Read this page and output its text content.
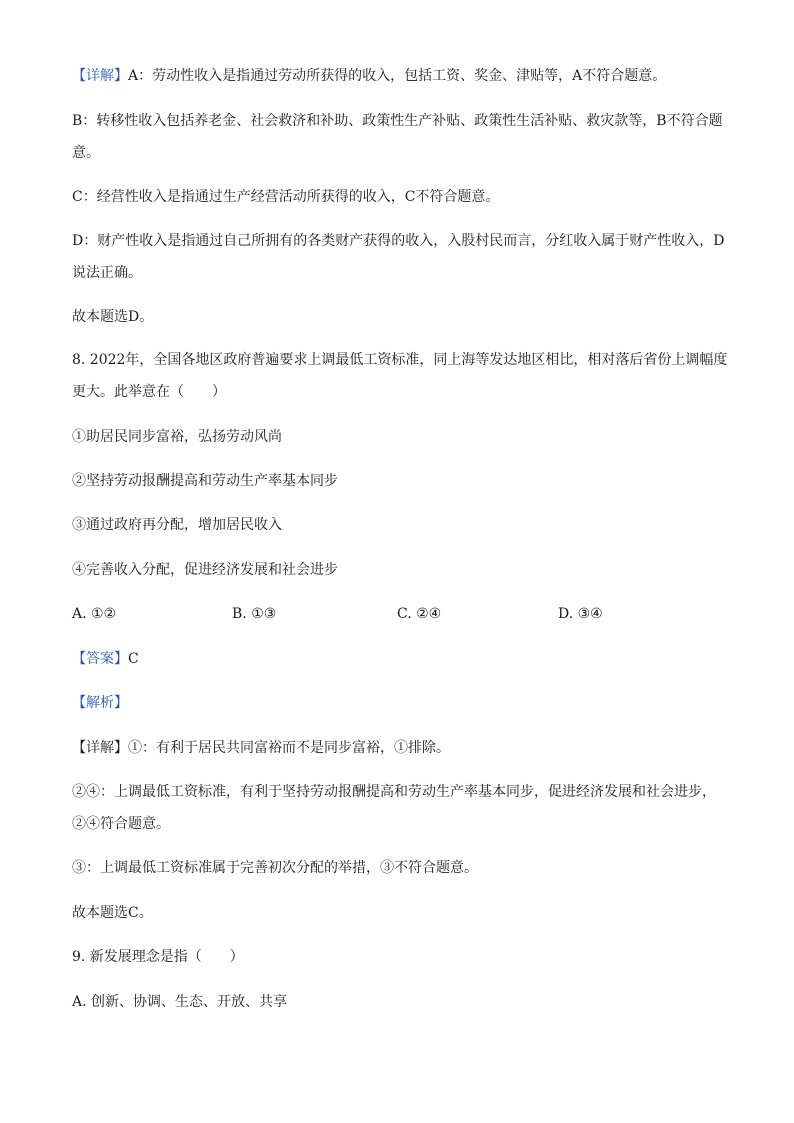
【详解】A：劳动性收入是指通过劳动所获得的收入，包括工资、奖金、津贴等，A不符合题意。
B：转移性收入包括养老金、社会救济和补助、政策性生产补贴、政策性生活补贴、救灾款等，B不符合题
意。
C：经营性收入是指通过生产经营活动所获得的收入，C不符合题意。
D：财产性收入是指通过自己所拥有的各类财产获得的收入，入股村民而言，分红收入属于财产性收入，D
说法正确。
故本题选D。
8. 2022年，全国各地区政府普遍要求上调最低工资标准，同上海等发达地区相比，相对落后省份上调幅度
更大。此举意在（　　）
①助居民同步富裕，弘扬劳动风尚
②坚持劳动报酬提高和劳动生产率基本同步
③通过政府再分配，增加居民收入
④完善收入分配，促进经济发展和社会进步
A. ①②	B. ①③	C. ②④	D. ③④
【答案】C
【解析】
【详解】①：有利于居民共同富裕而不是同步富裕，①排除。
②④：上调最低工资标准，有利于坚持劳动报酬提高和劳动生产率基本同步，促进经济发展和社会进步，
②④符合题意。
③：上调最低工资标准属于完善初次分配的举措，③不符合题意。
故本题选C。
9. 新发展理念是指（　　）
A. 创新、协调、生态、开放、共享
